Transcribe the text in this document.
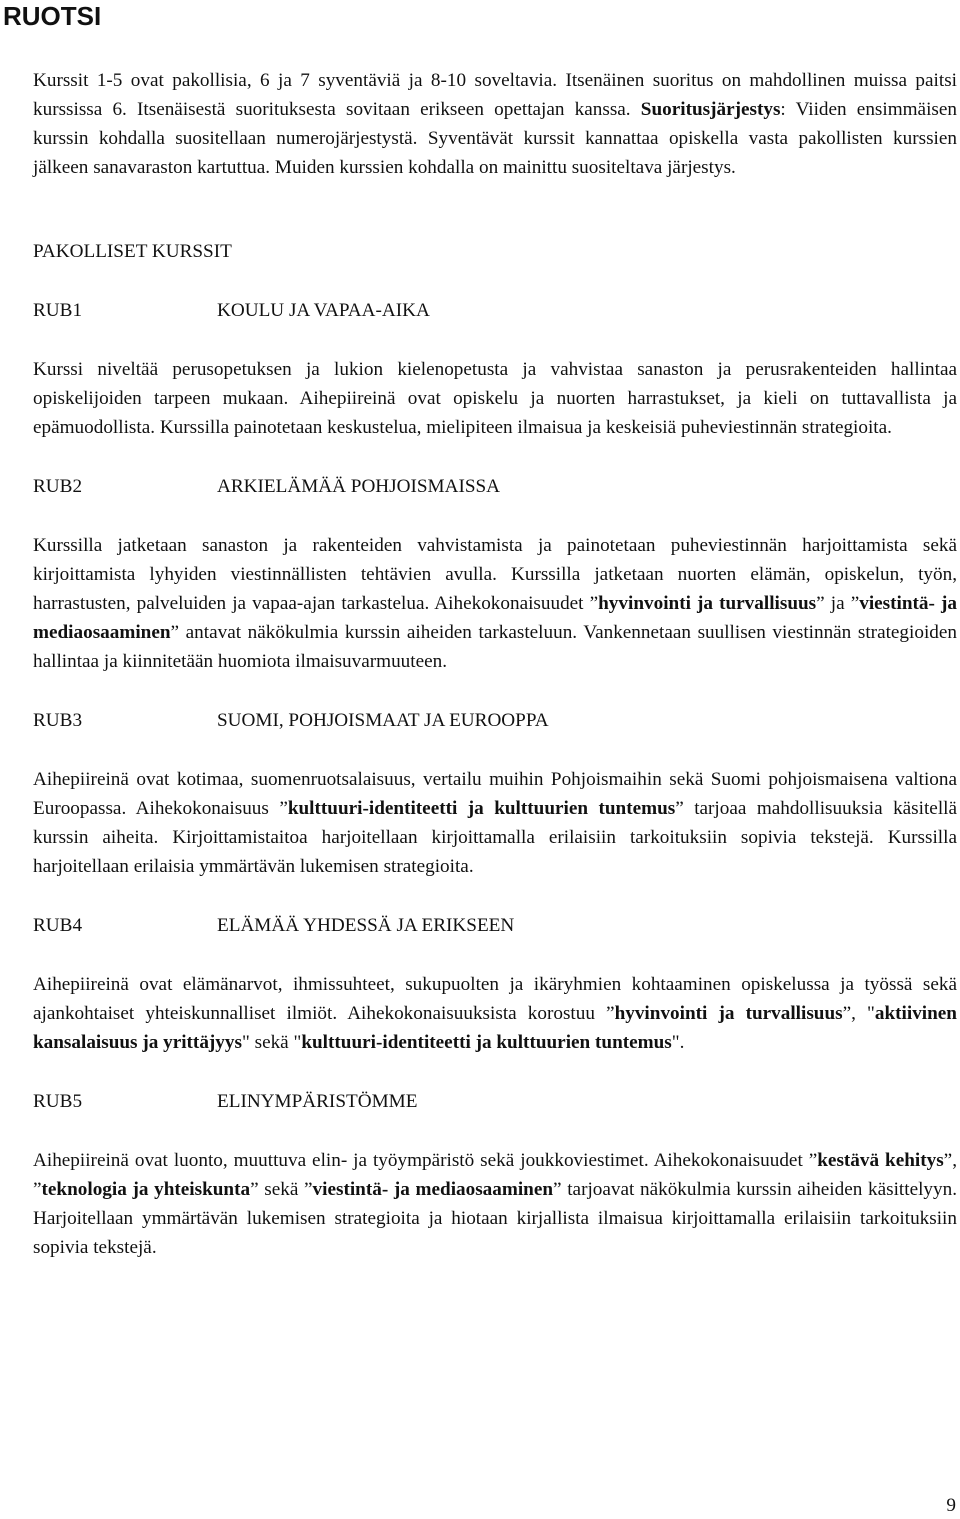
RUOTSI

Kurssit 1-5 ovat pakollisia, 6 ja 7 syventäviä ja 8-10 soveltavia. Itsenäinen suoritus on mahdollinen muissa paitsi kurssissa 6. Itsenäisestä suorituksesta sovitaan erikseen opettajan kanssa. Suoritusjärjestys: Viiden ensimmäisen kurssin kohdalla suositellaan numerojärjestystä. Syventävät kurssit kannattaa opiskella vasta pakollisten kurssien jälkeen sanavaraston kartuttua. Muiden kurssien kohdalla on mainittu suositeltava järjestys.

PAKOLLISET KURSSIT
RUB1	KOULU JA VAPAA-AIKA

Kurssi niveltää perusopetuksen ja lukion kielenopetusta ja vahvistaa sanaston ja perusrakenteiden hallintaa opiskelijoiden tarpeen mukaan. Aihepiireinä ovat opiskelu ja nuorten harrastukset, ja kieli on tuttavallista ja epämuodollista. Kurssilla painotetaan keskustelua, mielipiteen ilmaisua ja keskeisiä puheviestinnän strategioita.

RUB2	ARKIELÄMÄÄ POHJOISMAISSA

Kurssilla jatketaan sanaston ja rakenteiden vahvistamista ja painotetaan puheviestinnän harjoittamista sekä kirjoittamista lyhyiden viestinnällisten tehtävien avulla. Kurssilla jatketaan nuorten elämän, opiskelun, työn, harrastusten, palveluiden ja vapaa-ajan tarkastelua. Aihekokonaisuudet ”hyvinvointi ja turvallisuus” ja ”viestintä- ja mediaosaaminen” antavat näkökulmia kurssin aiheiden tarkasteluun. Vankennetaan suullisen viestinnän strategioiden hallintaa ja kiinnitetään huomiota ilmaisuvarmuuteen.

RUB3	SUOMI, POHJOISMAAT JA EUROOPPA

Aihepiireinä ovat kotimaa, suomenruotsalaisuus, vertailu muihin Pohjoismaihin sekä Suomi pohjoismaisena valtiona Euroopassa. Aihekokonaisuus ”kulttuuri-identiteetti ja kulttuurien tuntemus” tarjoaa mahdollisuuksia käsitellä kurssin aiheita. Kirjoittamistaitoa harjoitellaan kirjoittamalla erilaisiin tarkoituksiin sopivia tekstejä. Kurssilla harjoitellaan erilaisia ymmärtävän lukemisen strategioita.

RUB4	ELÄMÄÄ YHDESSÄ JA ERIKSEEN

Aihepiireinä ovat elämänarvot, ihmissuhteet, sukupuolten ja ikäryhmien kohtaaminen opiskelussa ja työssä sekä ajankohtaiset yhteiskunnalliset ilmiöt. Aihekokonaisuuksista korostuu ”hyvinvointi ja turvallisuus”, "aktiivinen kansalaisuus ja yrittäjyys" sekä "kulttuuri-identiteetti ja kulttuurien tuntemus".

RUB5	ELINYMPÄRISTÖMME

Aihepiireinä ovat luonto, muuttuva elin- ja työympäristö sekä joukkoviestimet. Aihekokonaisuudet ”kestävä kehitys”, ”teknologia ja yhteiskunta” sekä ”viestintä- ja mediaosaaminen” tarjoavat näkökulmia kurssin aiheiden käsittelyyn. Harjoitellaan ymmärtävän lukemisen strategioita ja hiotaan kirjallista ilmaisua kirjoittamalla erilaisiin tarkoituksiin sopivia tekstejä.

9
